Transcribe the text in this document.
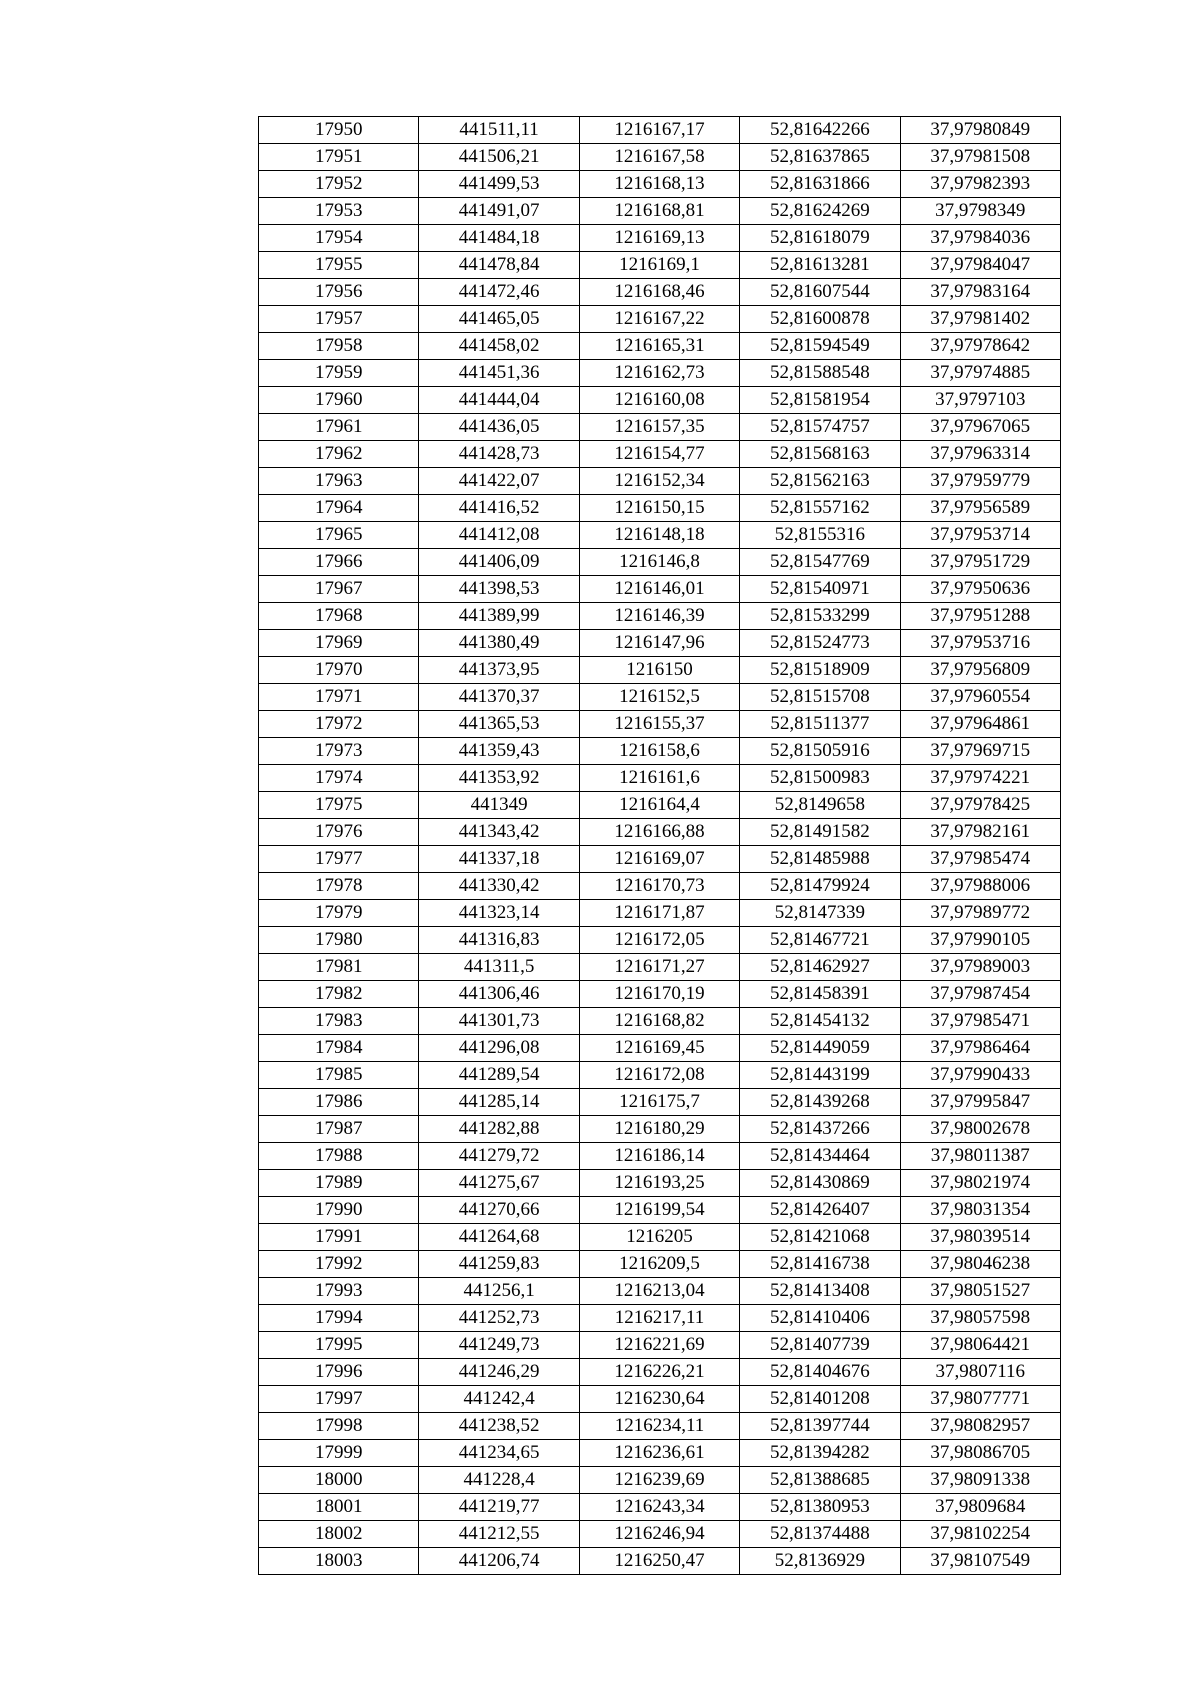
17950	441511,11	1216167,17	52,81642266	37,97980849
17951	441506,21	1216167,58	52,81637865	37,97981508
17952	441499,53	1216168,13	52,81631866	37,97982393
17953	441491,07	1216168,81	52,81624269	37,9798349
17954	441484,18	1216169,13	52,81618079	37,97984036
17955	441478,84	1216169,1	52,81613281	37,97984047
17956	441472,46	1216168,46	52,81607544	37,97983164
17957	441465,05	1216167,22	52,81600878	37,97981402
17958	441458,02	1216165,31	52,81594549	37,97978642
17959	441451,36	1216162,73	52,81588548	37,97974885
17960	441444,04	1216160,08	52,81581954	37,9797103
17961	441436,05	1216157,35	52,81574757	37,97967065
17962	441428,73	1216154,77	52,81568163	37,97963314
17963	441422,07	1216152,34	52,81562163	37,97959779
17964	441416,52	1216150,15	52,81557162	37,97956589
17965	441412,08	1216148,18	52,8155316	37,97953714
17966	441406,09	1216146,8	52,81547769	37,97951729
17967	441398,53	1216146,01	52,81540971	37,97950636
17968	441389,99	1216146,39	52,81533299	37,97951288
17969	441380,49	1216147,96	52,81524773	37,97953716
17970	441373,95	1216150	52,81518909	37,97956809
17971	441370,37	1216152,5	52,81515708	37,97960554
17972	441365,53	1216155,37	52,81511377	37,97964861
17973	441359,43	1216158,6	52,81505916	37,97969715
17974	441353,92	1216161,6	52,81500983	37,97974221
17975	441349	1216164,4	52,8149658	37,97978425
17976	441343,42	1216166,88	52,81491582	37,97982161
17977	441337,18	1216169,07	52,81485988	37,97985474
17978	441330,42	1216170,73	52,81479924	37,97988006
17979	441323,14	1216171,87	52,8147339	37,97989772
17980	441316,83	1216172,05	52,81467721	37,97990105
17981	441311,5	1216171,27	52,81462927	37,97989003
17982	441306,46	1216170,19	52,81458391	37,97987454
17983	441301,73	1216168,82	52,81454132	37,97985471
17984	441296,08	1216169,45	52,81449059	37,97986464
17985	441289,54	1216172,08	52,81443199	37,97990433
17986	441285,14	1216175,7	52,81439268	37,97995847
17987	441282,88	1216180,29	52,81437266	37,98002678
17988	441279,72	1216186,14	52,81434464	37,98011387
17989	441275,67	1216193,25	52,81430869	37,98021974
17990	441270,66	1216199,54	52,81426407	37,98031354
17991	441264,68	1216205	52,81421068	37,98039514
17992	441259,83	1216209,5	52,81416738	37,98046238
17993	441256,1	1216213,04	52,81413408	37,98051527
17994	441252,73	1216217,11	52,81410406	37,98057598
17995	441249,73	1216221,69	52,81407739	37,98064421
17996	441246,29	1216226,21	52,81404676	37,9807116
17997	441242,4	1216230,64	52,81401208	37,98077771
17998	441238,52	1216234,11	52,81397744	37,98082957
17999	441234,65	1216236,61	52,81394282	37,98086705
18000	441228,4	1216239,69	52,81388685	37,98091338
18001	441219,77	1216243,34	52,81380953	37,9809684
18002	441212,55	1216246,94	52,81374488	37,98102254
18003	441206,74	1216250,47	52,8136929	37,98107549
